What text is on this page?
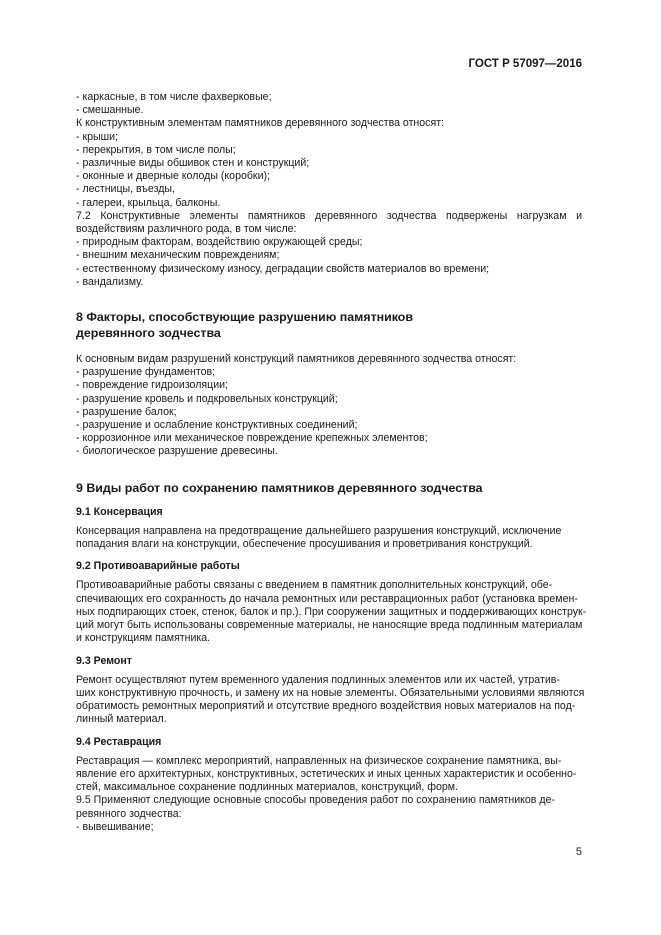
ГОСТ Р 57097—2016

- каркасные, в том числе фахверковые;

- смешанные.

К конструктивным элементам памятников деревянного зодчества относят:

- крыши;

- перекрытия, в том числе полы;

- различные виды обшивок стен и конструкций;

- оконные и дверные колоды (коробки);

- лестницы, въезды,

- галереи, крыльца, балконы.

7.2 Конструктивные элементы памятников деревянного зодчества подвержены нагрузкам и воздействиям различного рода, в том числе:

- природным факторам, воздействию окружающей среды;

- внешним механическим повреждениям;

- естественному физическому износу, деградации свойств материалов во времени;

- вандализму.

8 Факторы, способствующие разрушению памятников

деревянного зодчества

К основным видам разрушений конструкций памятников деревянного зодчества относят:

- разрушение фундаментов;

- повреждение гидроизоляции;

- разрушение кровель и подкровельных конструкций;

- разрушение балок;

- разрушение и ослабление конструктивных соединений;

- коррозионное или механическое повреждение крепежных элементов;

- биологическое разрушение древесины.

9 Виды работ по сохранению памятников деревянного зодчества

9.1 Консервация

Консервация направлена на предотвращение дальнейшего разрушения конструкций, исключение

попадания влаги на конструкции, обеспечение просушивания и проветривания конструкций.

9.2 Противоаварийные работы

Противоаварийные работы связаны с введением в памятник дополнительных конструкций, обе-

спечивающих его сохранность до начала ремонтных или реставрационных работ (установка времен-

ных подпирающих стоек, стенок, балок и пр.). При сооружении защитных и поддерживающих конструк-

ций могут быть использованы современные материалы, не наносящие вреда подлинным материалам

и конструкциям памятника.

9.3 Ремонт

Ремонт осуществляют путем временного удаления подлинных элементов или их частей, утратив-

ших конструктивную прочность, и замену их на новые элементы. Обязательными условиями являются

обратимость ремонтных мероприятий и отсутствие вредного воздействия новых материалов на под-

линный материал.

9.4 Реставрация

Реставрация — комплекс мероприятий, направленных на физическое сохранение памятника, вы-

явление его архитектурных, конструктивных, эстетических и иных ценных характеристик и особенно-

стей, максимальное сохранение подлинных материалов, конструкций, форм.

9.5 Применяют следующие основные способы проведения работ по сохранению памятников де-

ревянного зодчества:

- вывешивание;

5
